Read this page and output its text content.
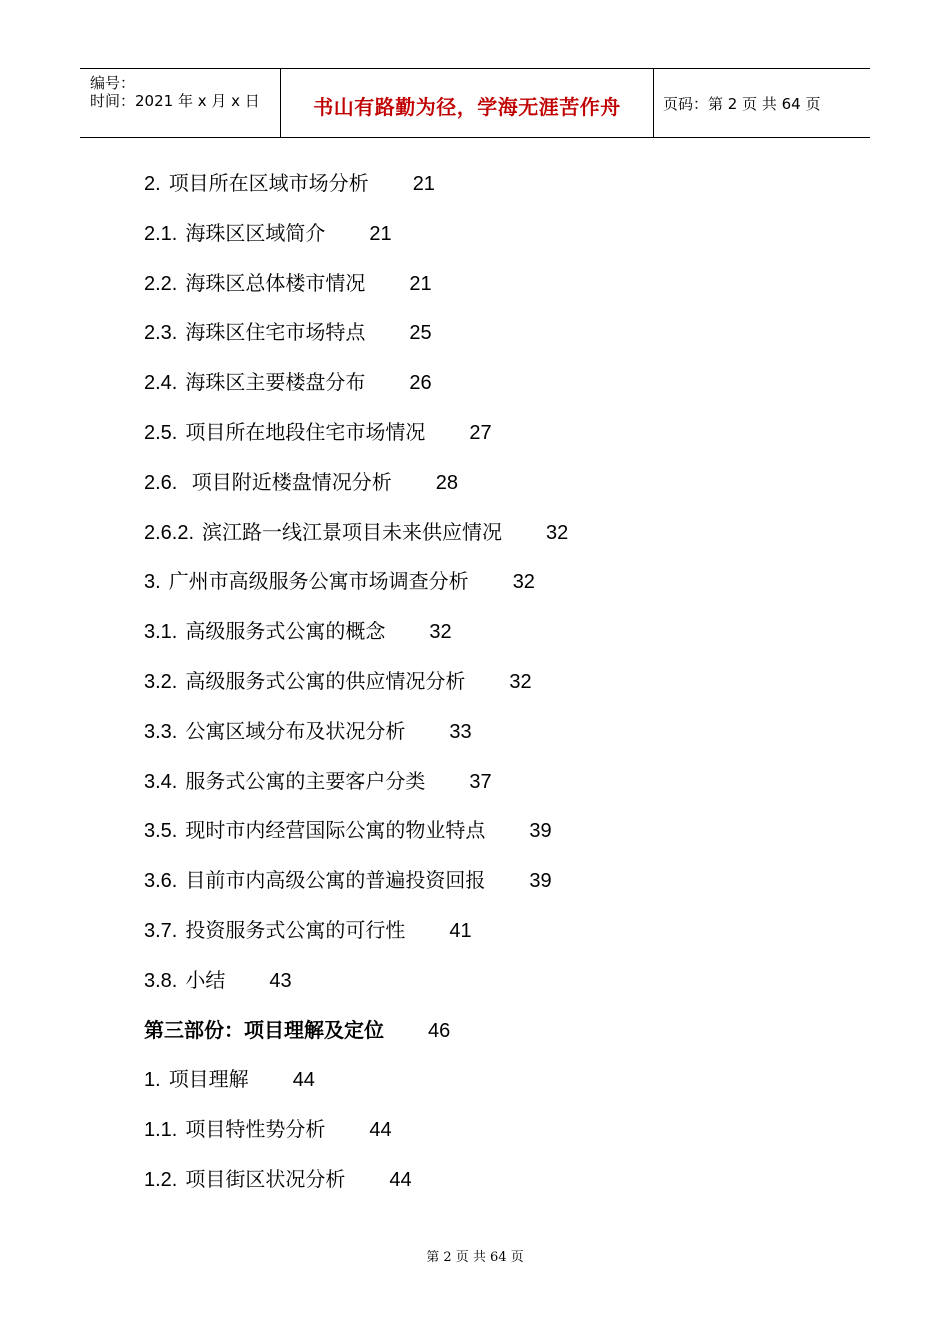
编号：
时间：2021 年 x 月 x 日	书山有路勤为径，学海无涯苦作舟	页码：第 2 页 共 64 页
2. 项目所在区域市场分析 21
2.1. 海珠区区域简介 21
2.2. 海珠区总体楼市情况 21
2.3. 海珠区住宅市场特点 25
2.4. 海珠区主要楼盘分布 26
2.5. 项目所在地段住宅市场情况 27
2.6. 项目附近楼盘情况分析 28
2.6.2. 滨江路一线江景项目未来供应情况 32
3. 广州市高级服务公寓市场调查分析 32
3.1. 高级服务式公寓的概念 32
3.2. 高级服务式公寓的供应情况分析 32
3.3. 公寓区域分布及状况分析 33
3.4. 服务式公寓的主要客户分类 37
3.5. 现时市内经营国际公寓的物业特点 39
3.6. 目前市内高级公寓的普遍投资回报 39
3.7. 投资服务式公寓的可行性 41
3.8. 小结 43
第三部份：项目理解及定位 46
1. 项目理解 44
1.1. 项目特性势分析 44
1.2. 项目街区状况分析 44
第 2 页 共 64 页
